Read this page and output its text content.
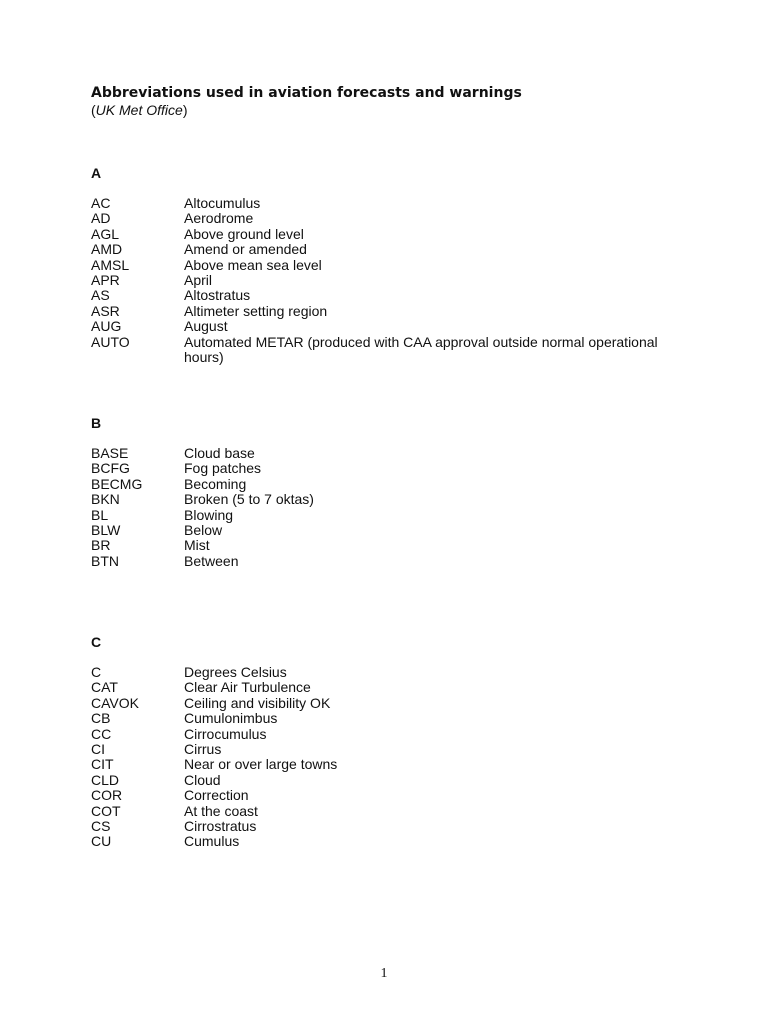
Abbreviations used in aviation forecasts and warnings
(UK Met Office)
A
AC	Altocumulus
AD	Aerodrome
AGL	Above ground level
AMD	Amend or amended
AMSL	Above mean sea level
APR	April
AS	Altostratus
ASR	Altimeter setting region
AUG	August
AUTO	Automated METAR (produced with CAA approval outside normal operational hours)
B
BASE	Cloud base
BCFG	Fog patches
BECMG	Becoming
BKN	Broken (5 to 7 oktas)
BL	Blowing
BLW	Below
BR	Mist
BTN	Between
C
C	Degrees Celsius
CAT	Clear Air Turbulence
CAVOK	Ceiling and visibility OK
CB	Cumulonimbus
CC	Cirrocumulus
CI	Cirrus
CIT	Near or over large towns
CLD	Cloud
COR	Correction
COT	At the coast
CS	Cirrostratus
CU	Cumulus
1
